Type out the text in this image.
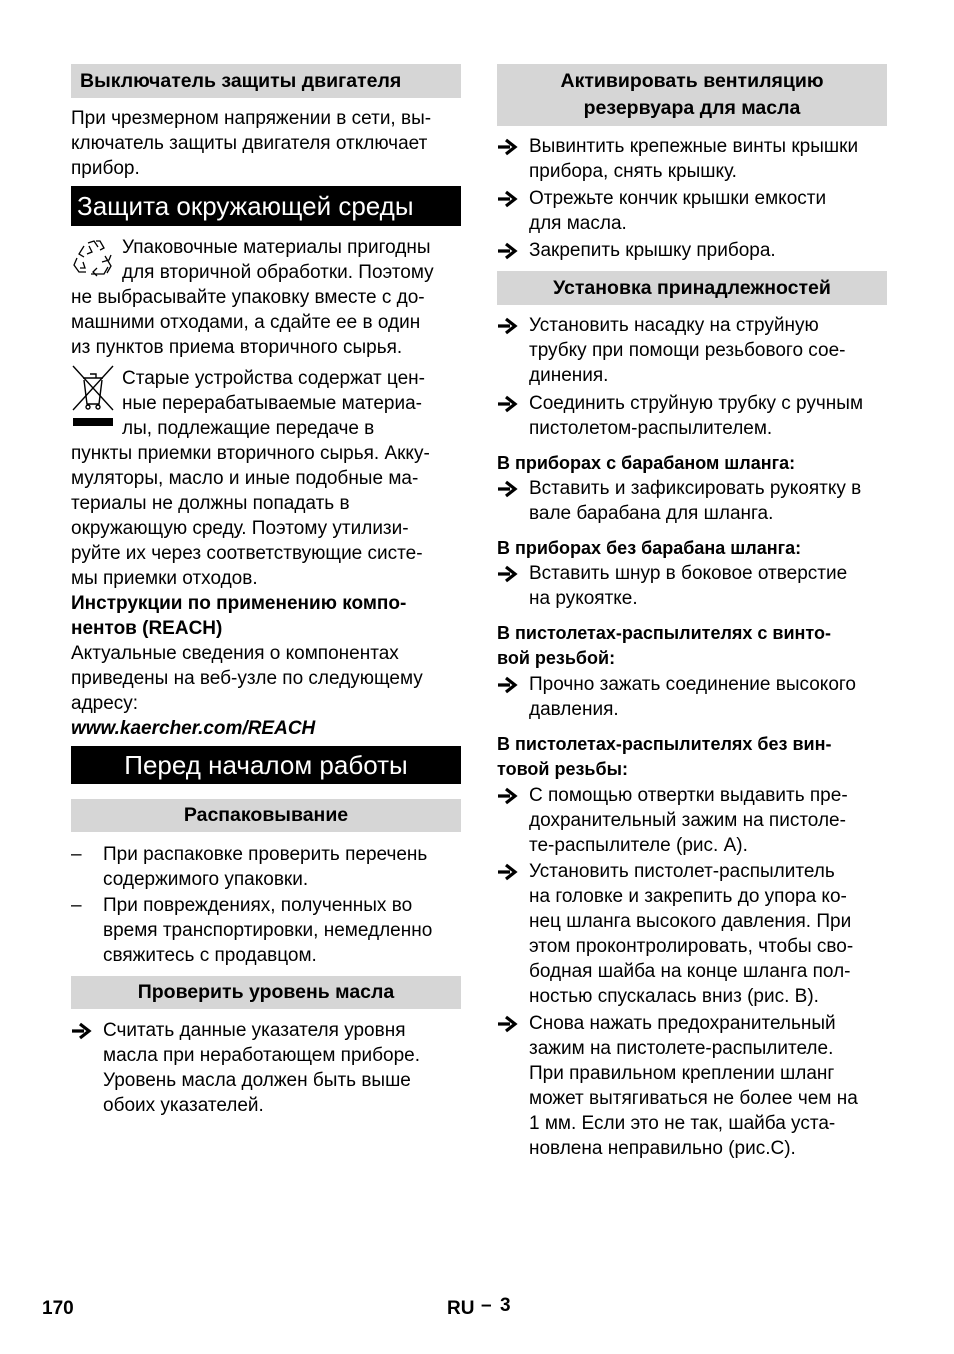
Выключатель защиты двигателя
При чрезмерном напряжении в сети, вы-
ключатель защиты двигателя отключает
прибор.
Защита окружающей среды
Упаковочные материалы пригодны
для вторичной обработки. Поэтому
не выбрасывайте упаковку вместе с до-
машними отходами, а сдайте ее в один
из пунктов приема вторичного сырья.
Старые устройства содержат цен-
ные перерабатываемые материа-
лы, подлежащие передаче в
пункты приемки вторичного сырья. Акку-
муляторы, масло и иные подобные ма-
териалы не должны попадать в
окружающую среду. Поэтому утилизи-
руйте их через соответствующие систе-
мы приемки отходов.
Инструкции по применению компо-
нентов (REACH)
Актуальные сведения о компонентах
приведены на веб-узле по следующему
адресу:
www.kaercher.com/REACH
Перед началом работы
Распаковывание
– При распаковке проверить перечень
содержимого упаковки.
– При повреждениях, полученных во
время транспортировки, немедленно
свяжитесь с продавцом.
Проверить уровень масла
Считать данные указателя уровня
масла при неработающем приборе.
Уровень масла должен быть выше
обоих указателей.
Активировать вентиляцию
резервуара для масла
Вывинтить крепежные винты крышки
прибора, снять крышку.
Отрежьте кончик крышки емкости
для масла.
Закрепить крышку прибора.
Установка принадлежностей
Установить насадку на струйную
трубку при помощи резьбового сое-
динения.
Соединить струйную трубку с ручным
пистолетом-распылителем.
В приборах с барабаном шланга:
Вставить и зафиксировать рукоятку в
вале барабана для шланга.
В приборах без барабана шланга:
Вставить шнур в боковое отверстие
на рукоятке.
В пистолетах-распылителях с винто-
вой резьбой:
Прочно зажать соединение высокого
давления.
В пистолетах-распылителях без вин-
товой резьбы:
С помощью отвертки выдавить пре-
дохранительный зажим на пистоле-
те-распылителе (рис. A).
Установить пистолет-распылитель
на головке и закрепить до упора ко-
нец шланга высокого давления. При
этом проконтролировать, чтобы сво-
бодная шайба на конце шланга пол-
ностью спускалась вниз (рис. B).
Снова нажать предохранительный
зажим на пистолете-распылителе.
При правильном креплении шланг
может вытягиваться не более чем на
1 мм. Если это не так, шайба уста-
новлена неправильно (рис.C).
170	RU – 3
